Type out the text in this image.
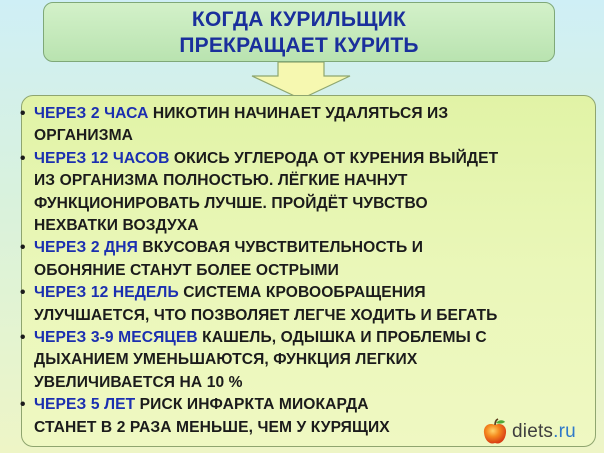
КОГДА КУРИЛЬЩИК
ПРЕКРАЩАЕТ КУРИТЬ
• ЧЕРЕЗ 2 ЧАСА НИКОТИН НАЧИНАЕТ УДАЛЯТЬСЯ ИЗ
ОРГАНИЗМА
• ЧЕРЕЗ 12 ЧАСОВ ОКИСЬ УГЛЕРОДА ОТ КУРЕНИЯ ВЫЙДЕТ
ИЗ ОРГАНИЗМА ПОЛНОСТЬЮ. ЛЁГКИЕ НАЧНУТ
ФУНКЦИОНИРОВАТЬ ЛУЧШЕ. ПРОЙДЁТ ЧУВСТВО
НЕХВАТКИ ВОЗДУХА
• ЧЕРЕЗ 2 ДНЯ ВКУСОВАЯ ЧУВСТВИТЕЛЬНОСТЬ И
ОБОНЯНИЕ СТАНУТ БОЛЕЕ ОСТРЫМИ
• ЧЕРЕЗ 12 НЕДЕЛЬ СИСТЕМА КРОВООБРАЩЕНИЯ
УЛУЧШАЕТСЯ, ЧТО ПОЗВОЛЯЕТ ЛЕГЧЕ ХОДИТЬ И БЕГАТЬ
• ЧЕРЕЗ 3-9 МЕСЯЦЕВ КАШЕЛЬ, ОДЫШКА И ПРОБЛЕМЫ С
ДЫХАНИЕМ УМЕНЬШАЮТСЯ, ФУНКЦИЯ ЛЕГКИХ
УВЕЛИЧИВАЕТСЯ НА 10 %
• ЧЕРЕЗ 5 ЛЕТ РИСК ИНФАРКТА МИОКАРДА
СТАНЕТ В 2 РАЗА МЕНЬШЕ, ЧЕМ У КУРЯЩИХ	diets.ru
